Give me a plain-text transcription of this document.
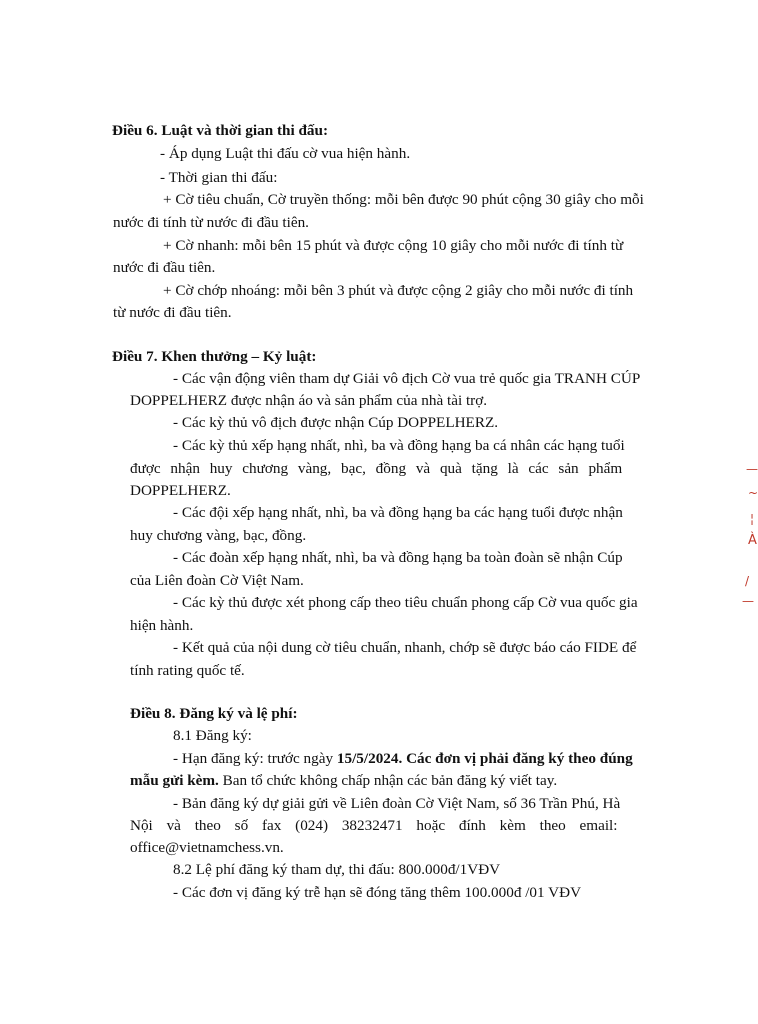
Điều 6. Luật và thời gian thi đấu:
- Áp dụng Luật thi đấu cờ vua hiện hành.
- Thời gian thi đấu:
+ Cờ tiêu chuẩn, Cờ truyền thống: mỗi bên được 90 phút cộng 30 giây cho mỗi
nước đi tính từ nước đi đầu tiên.
+ Cờ nhanh: mỗi bên 15 phút và được cộng 10 giây cho mỗi nước đi tính từ
nước đi đầu tiên.
+ Cờ chớp nhoáng: mỗi bên 3 phút và được cộng 2 giây cho mỗi nước đi tính
từ nước đi đầu tiên.
Điều 7. Khen thưởng – Kỷ luật:
- Các vận động viên tham dự Giải vô địch Cờ vua trẻ quốc gia TRANH CÚP
DOPPELHERZ được nhận áo và sản phẩm của nhà tài trợ.
- Các kỳ thủ vô địch được nhận Cúp DOPPELHERZ.
- Các kỳ thủ xếp hạng nhất, nhì, ba và đồng hạng ba cá nhân các hạng tuổi
được nhận huy chương vàng, bạc, đồng và quà tặng là các sản phẩm
DOPPELHERZ.
- Các đội xếp hạng nhất, nhì, ba và đồng hạng ba các hạng tuổi được nhận
huy chương vàng, bạc, đồng.
- Các đoàn xếp hạng nhất, nhì, ba và đồng hạng ba toàn đoàn sẽ nhận Cúp
của Liên đoàn Cờ Việt Nam.
- Các kỳ thủ được xét phong cấp theo tiêu chuẩn phong cấp Cờ vua quốc gia
hiện hành.
- Kết quả của nội dung cờ tiêu chuẩn, nhanh, chớp sẽ được báo cáo FIDE để
tính rating quốc tế.
Điều 8. Đăng ký và lệ phí:
8.1 Đăng ký:
- Hạn đăng ký: trước ngày 15/5/2024. Các đơn vị phải đăng ký theo đúng
mẫu gửi kèm. Ban tổ chức không chấp nhận các bản đăng ký viết tay.
- Bản đăng ký dự giải gửi về Liên đoàn Cờ Việt Nam, số 36 Trần Phú, Hà
Nội và theo số fax (024) 38232471 hoặc đính kèm theo email:
office@vietnamchess.vn.
8.2 Lệ phí đăng ký tham dự, thi đấu: 800.000đ/1VĐV
- Các đơn vị đăng ký trễ hạn sẽ đóng tăng thêm 100.000đ /01 VĐV
—
~
¦
À
/
—
